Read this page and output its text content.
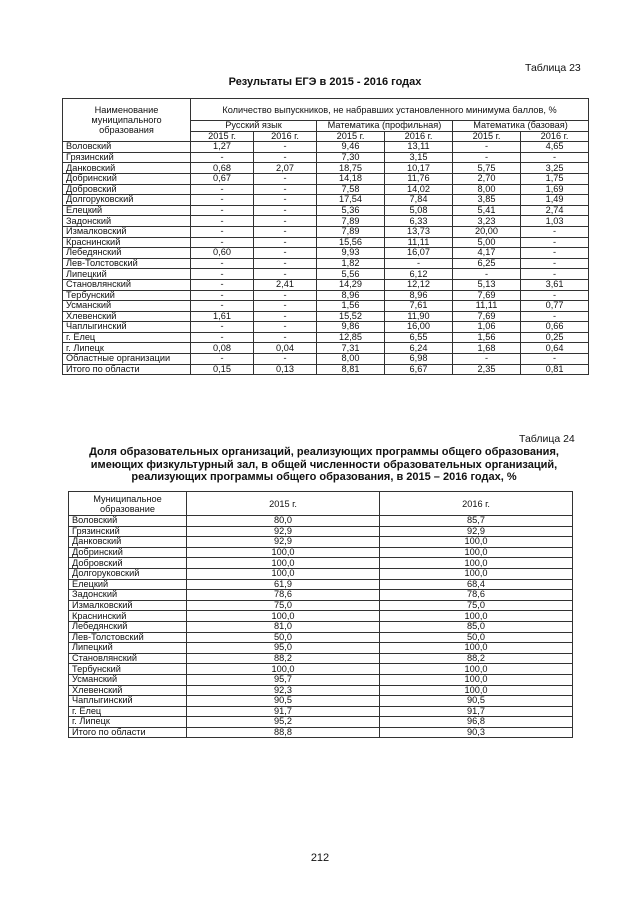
Таблица 23
Результаты ЕГЭ в 2015 - 2016 годах
Наименование муниципального образования	Количество выпускников, не набравших установленного минимума баллов, %					
	Русский язык		Математика (профильная)		Математика (базовая)	
	2015 г.	2016 г.	2015 г.	2016 г.	2015 г.	2016 г.
Воловский	1,27	-	9,46	13,11	-	4,65
Грязинский	-	-	7,30	3,15	-	-
Данковский	0,68	2,07	18,75	10,17	5,75	3,25
Добринский	0,67	-	14,18	11,76	2,70	1,75
Добровский	-	-	7,58	14,02	8,00	1,69
Долгоруковский	-	-	17,54	7,84	3,85	1,49
Елецкий	-	-	5,36	5,08	5,41	2,74
Задонский	-	-	7,89	6,33	3,23	1,03
Измалковский	-	-	7,89	13,73	20,00	-
Краснинский	-	-	15,56	11,11	5,00	-
Лебедянский	0,60	-	9,93	16,07	4,17	-
Лев-Толстовский	-	-	1,82	-	6,25	-
Липецкий	-	-	5,56	6,12	-	-
Становлянский	-	2,41	14,29	12,12	5,13	3,61
Тербунский	-	-	8,96	8,96	7,69	-
Усманский	-	-	1,56	7,61	11,11	0,77
Хлевенский	1,61	-	15,52	11,90	7,69	-
Чаплыгинский	-	-	9,86	16,00	1,06	0,66
г. Елец	-	-	12,85	6,55	1,56	0,25
г. Липецк	0,08	0,04	7,31	6,24	1,68	0,64
Областные организации	-	-	8,00	6,98	-	-
Итого по области	0,15	0,13	8,81	6,67	2,35	0,81
Таблица 24
Доля образовательных организаций, реализующих программы общего образования, имеющих физкультурный зал, в общей численности образовательных организаций, реализующих программы общего образования, в 2015 – 2016 годах, %
Муниципальное образование	2015 г.	2016 г.
Воловский	80,0	85,7
Грязинский	92,9	92,9
Данковский	92,9	100,0
Добринский	100,0	100,0
Добровский	100,0	100,0
Долгоруковский	100,0	100,0
Елецкий	61,9	68,4
Задонский	78,6	78,6
Измалковский	75,0	75,0
Краснинский	100,0	100,0
Лебедянский	81,0	85,0
Лев-Толстовский	50,0	50,0
Липецкий	95,0	100,0
Становлянский	88,2	88,2
Тербунский	100,0	100,0
Усманский	95,7	100,0
Хлевенский	92,3	100,0
Чаплыгинский	90,5	90,5
г. Елец	91,7	91,7
г. Липецк	95,2	96,8
Итого по области	88,8	90,3
212
